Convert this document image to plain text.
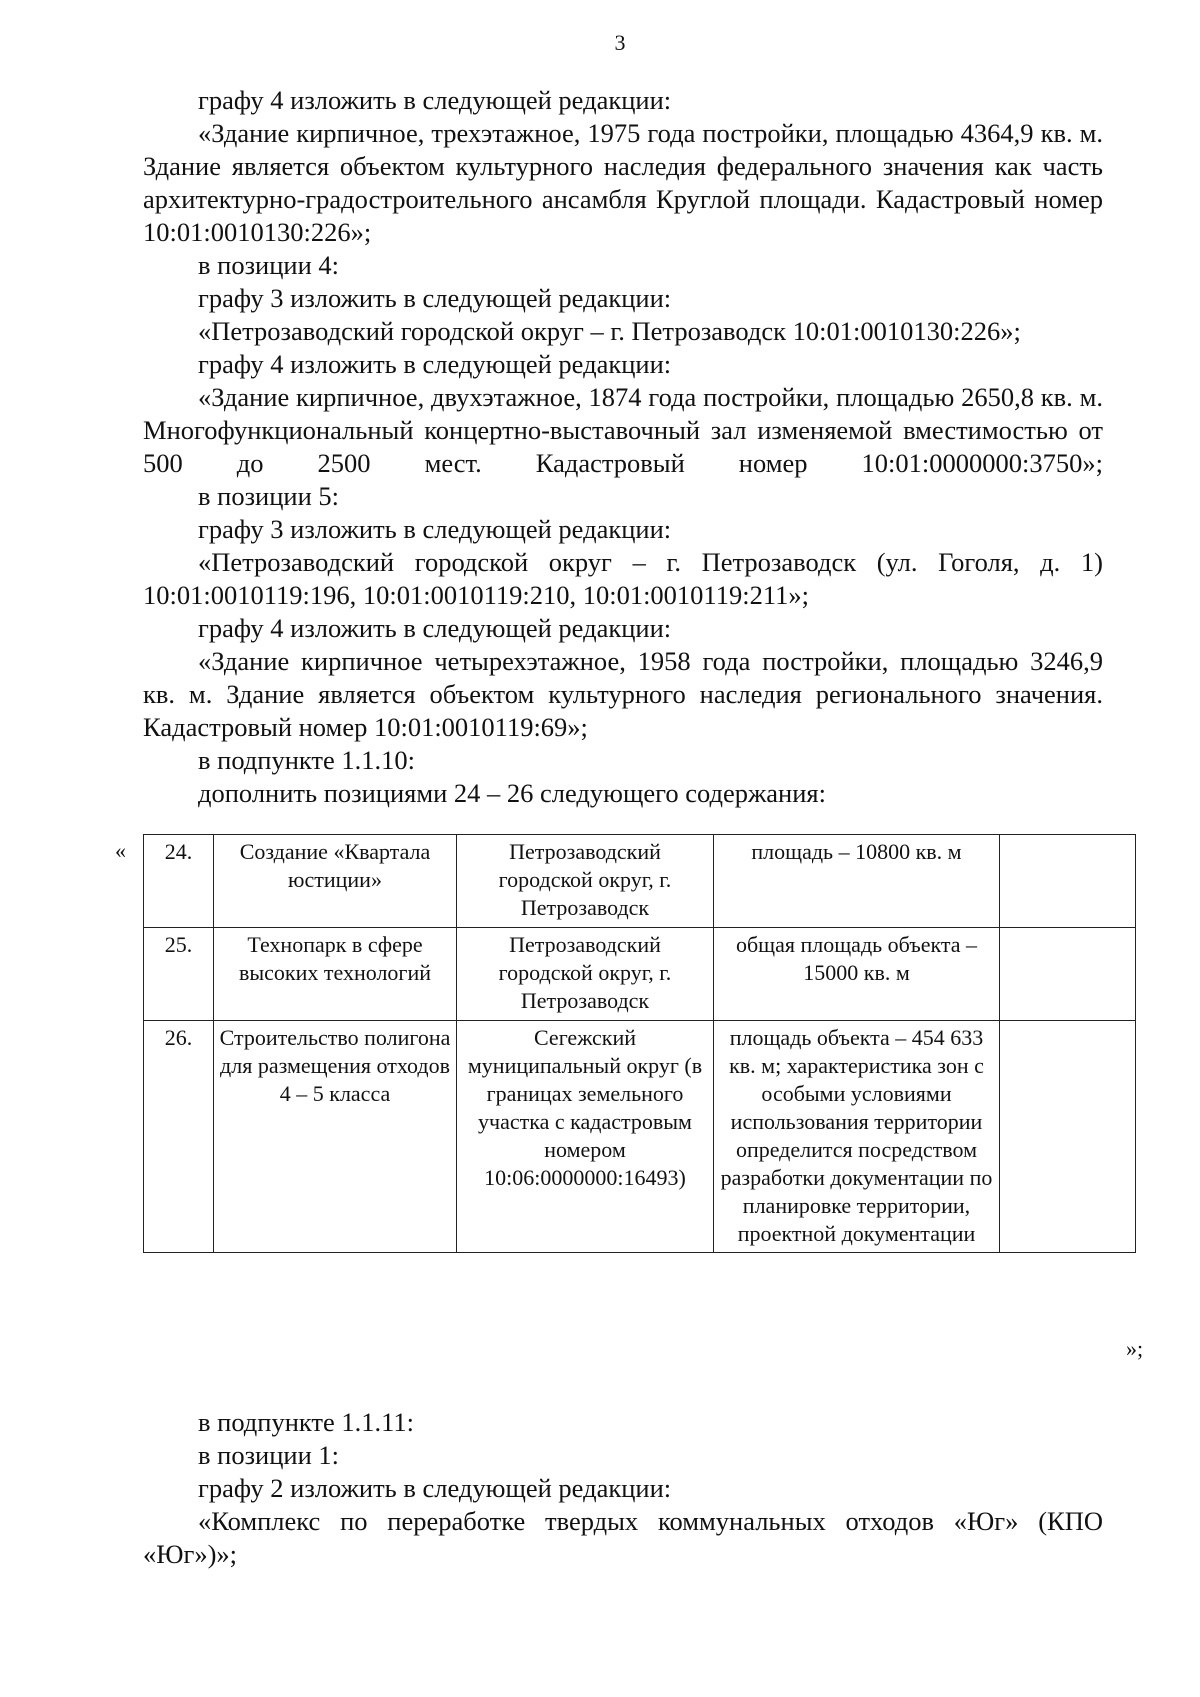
3

графу 4 изложить в следующей редакции:

«Здание кирпичное, трехэтажное, 1975 года постройки, площадью 4364,9 кв. м. Здание является объектом культурного наследия федерального значения как часть архитектурно-градостроительного ансамбля Круглой площади. Кадастровый номер 10:01:0010130:226»;

в позиции 4:

графу 3 изложить в следующей редакции:

«Петрозаводский городской округ – г. Петрозаводск 10:01:0010130:226»;

графу 4 изложить в следующей редакции:

«Здание кирпичное, двухэтажное, 1874 года постройки, площадью 2650,8 кв. м. Многофункциональный концертно-выставочный зал изменяемой вместимостью от 500 до 2500 мест. Кадастровый номер 10:01:0000000:3750»;

в позиции 5:

графу 3 изложить в следующей редакции:

«Петрозаводский городской округ – г. Петрозаводск (ул. Гоголя, д. 1) 10:01:0010119:196, 10:01:0010119:210, 10:01:0010119:211»;

графу 4 изложить в следующей редакции:

«Здание кирпичное четырехэтажное, 1958 года постройки, площадью 3246,9 кв. м. Здание является объектом культурного наследия регионального значения. Кадастровый номер 10:01:0010119:69»;

в подпункте 1.1.10:

дополнить позициями 24 – 26 следующего содержания:

« 24.	Создание «Квартала юстиции»	Петрозаводский городской округ, г. Петрозаводск	площадь – 10800 кв. м	
25.	Технопарк в сфере высоких технологий	Петрозаводский городской округ, г. Петрозаводск	общая площадь объекта – 15000 кв. м	
26.	Строительство полигона для размещения отходов 4 – 5 класса	Сегежский муниципальный округ (в границах земельного участка с кадастровым номером 10:06:0000000:16493)	площадь объекта – 454 633 кв. м; характеристика зон с особыми условиями использования территории определится посредством разработки документации по планировке территории, проектной документации	
»;

в подпункте 1.1.11:

в позиции 1:

графу 2 изложить в следующей редакции:

«Комплекс по переработке твердых коммунальных отходов «Юг» (КПО «Юг»)»;
